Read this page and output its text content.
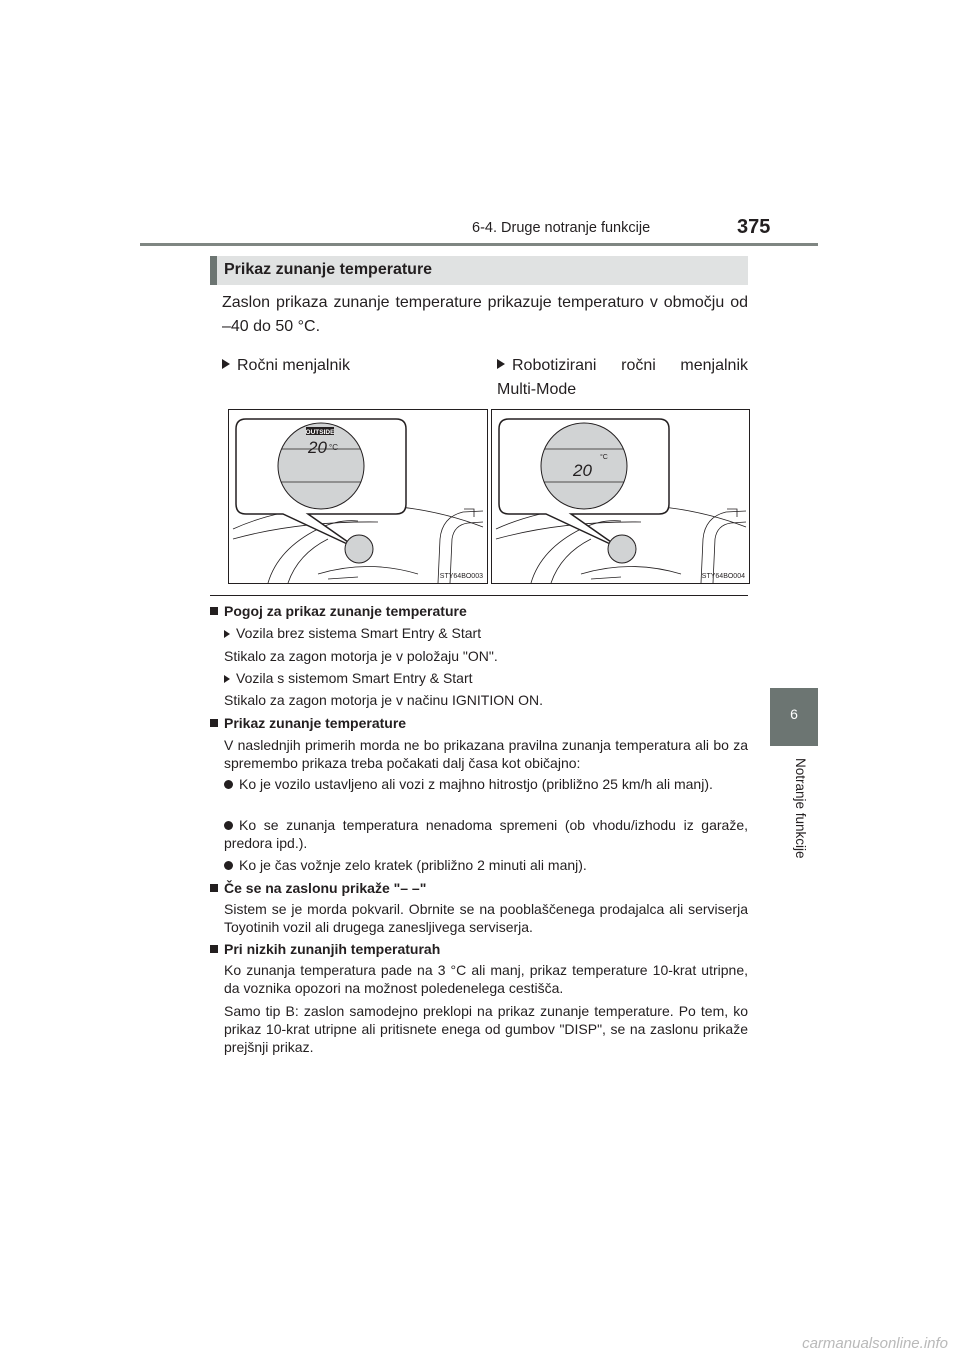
6-4. Druge notranje funkcije	375
6
Notranje funkcije
Prikaz zunanje temperature
Zaslon prikaza zunanje temperature prikazuje temperaturo v območju od –40 do 50 °C.
Ročni menjalnik	Robotizirani ročni menjalnik Multi-Mode
OUTSIDE
20 °C
STY64BO003
°C
20
STY64BO004
Pogoj za prikaz zunanje temperature
Vozila brez sistema Smart Entry & Start
Stikalo za zagon motorja je v položaju "ON".
Vozila s sistemom Smart Entry & Start
Stikalo za zagon motorja je v načinu IGNITION ON.
Prikaz zunanje temperature
V naslednjih primerih morda ne bo prikazana pravilna zunanja temperatura ali bo za spremembo prikaza treba počakati dalj časa kot običajno:
Ko je vozilo ustavljeno ali vozi z majhno hitrostjo (približno 25 km/h ali manj).
Ko se zunanja temperatura nenadoma spremeni (ob vhodu/izhodu iz garaže, predora ipd.).
Ko je čas vožnje zelo kratek (približno 2 minuti ali manj).
Če se na zaslonu prikaže "– –"
Sistem se je morda pokvaril. Obrnite se na pooblaščenega prodajalca ali serviserja Toyotinih vozil ali drugega zanesljivega serviserja.
Pri nizkih zunanjih temperaturah
Ko zunanja temperatura pade na 3 °C ali manj, prikaz temperature 10-krat utripne, da voznika opozori na možnost poledenelega cestišča.
Samo tip B: zaslon samodejno preklopi na prikaz zunanje temperature. Po tem, ko prikaz 10-krat utripne ali pritisnete enega od gumbov "DISP", se na zaslonu prikaže prejšnji prikaz.
carmanualsonline.info
